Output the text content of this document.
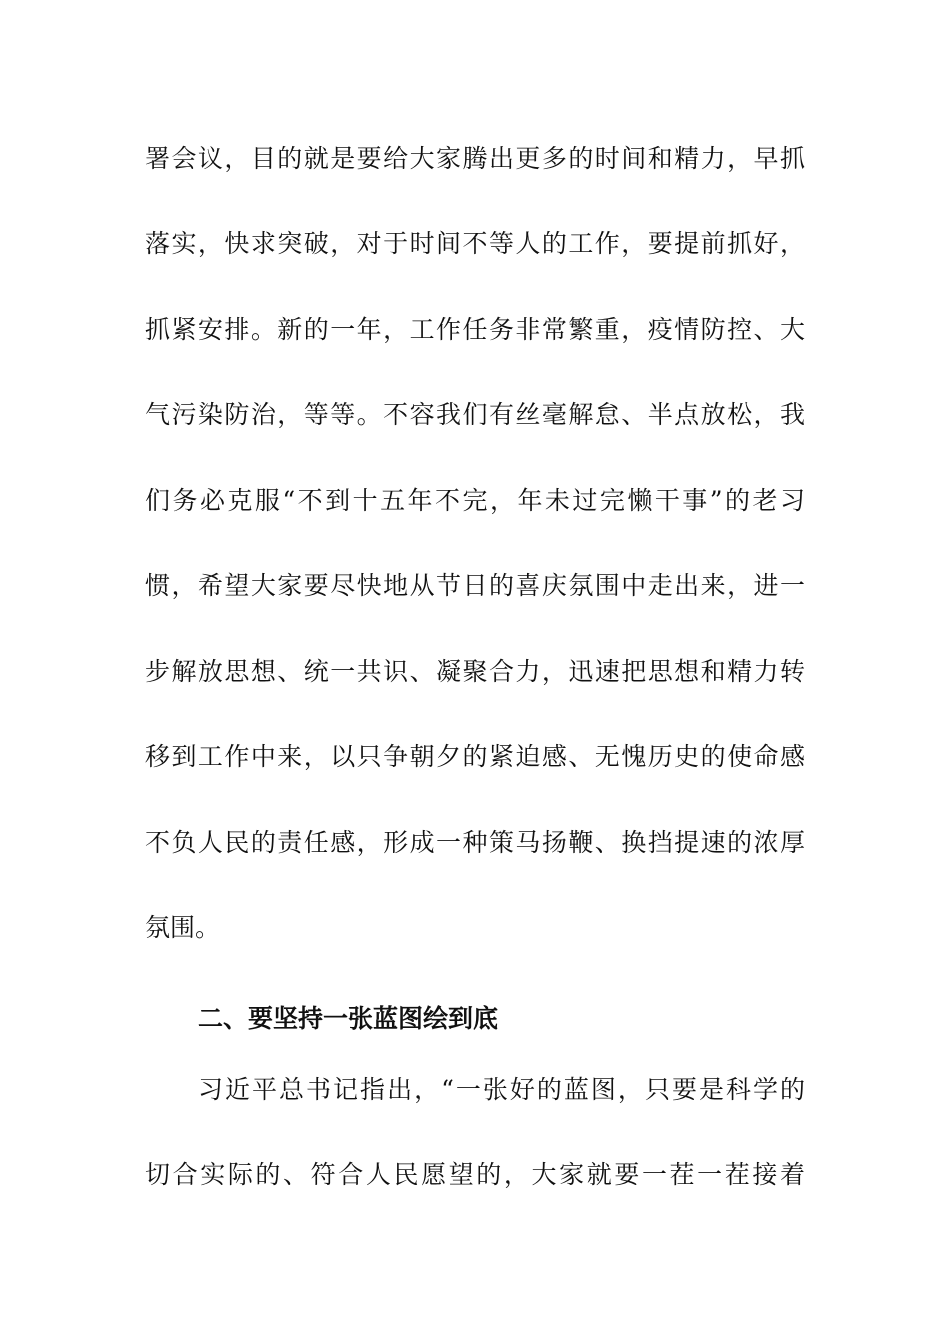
署会议，目的就是要给大家腾出更多的时间和精力，早抓
落实，快求突破，对于时间不等人的工作，要提前抓好，
抓紧安排。新的一年，工作任务非常繁重，疫情防控、大
气污染防治，等等。不容我们有丝毫解怠、半点放松，我
们务必克服“不到十五年不完，年未过完懒干事”的老习
惯，希望大家要尽快地从节日的喜庆氛围中走出来，进一
步解放思想、统一共识、凝聚合力，迅速把思想和精力转
移到工作中来，以只争朝夕的紧迫感、无愧历史的使命感
不负人民的责任感，形成一种策马扬鞭、换挡提速的浓厚
氛围。
二、要坚持一张蓝图绘到底
习近平总书记指出，“一张好的蓝图，只要是科学的
切合实际的、符合人民愿望的，大家就要一茬一茬接着
